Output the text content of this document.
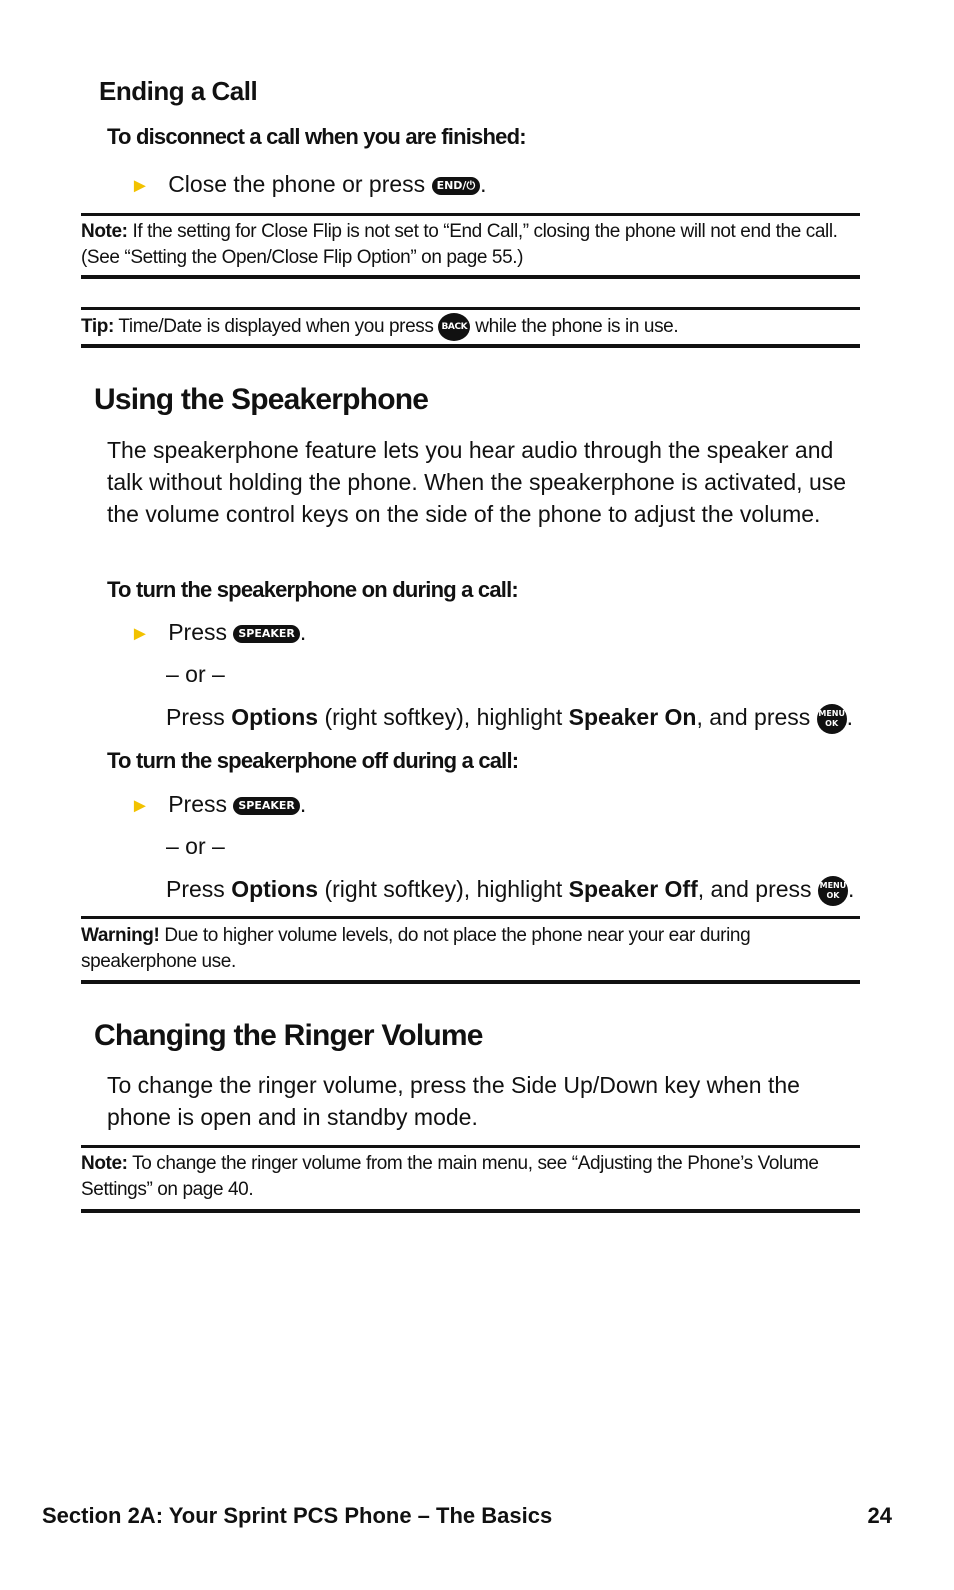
Ending a Call
To disconnect a call when you are finished:
► Close the phone or press END/⏻ .
Note: If the setting for Close Flip is not set to “End Call,” closing the phone will not end the call. (See “Setting the Open/Close Flip Option” on page 55.)
Tip: Time/Date is displayed when you press BACK while the phone is in use.
Using the Speakerphone
The speakerphone feature lets you hear audio through the speaker and talk without holding the phone. When the speakerphone is activated, use the volume control keys on the side of the phone to adjust the volume.
To turn the speakerphone on during a call:
► Press SPEAKER .
– or –
Press Options (right softkey), highlight Speaker On, and press MENU
OK .
To turn the speakerphone off during a call:
► Press SPEAKER .
– or –
Press Options (right softkey), highlight Speaker Off, and press MENU
OK .
Warning! Due to higher volume levels, do not place the phone near your ear during speakerphone use.
Changing the Ringer Volume
To change the ringer volume, press the Side Up/Down key when the phone is open and in standby mode.
Note: To change the ringer volume from the main menu, see “Adjusting the Phone’s Volume Settings” on page 40.
Section 2A: Your Sprint PCS Phone – The Basics	24
